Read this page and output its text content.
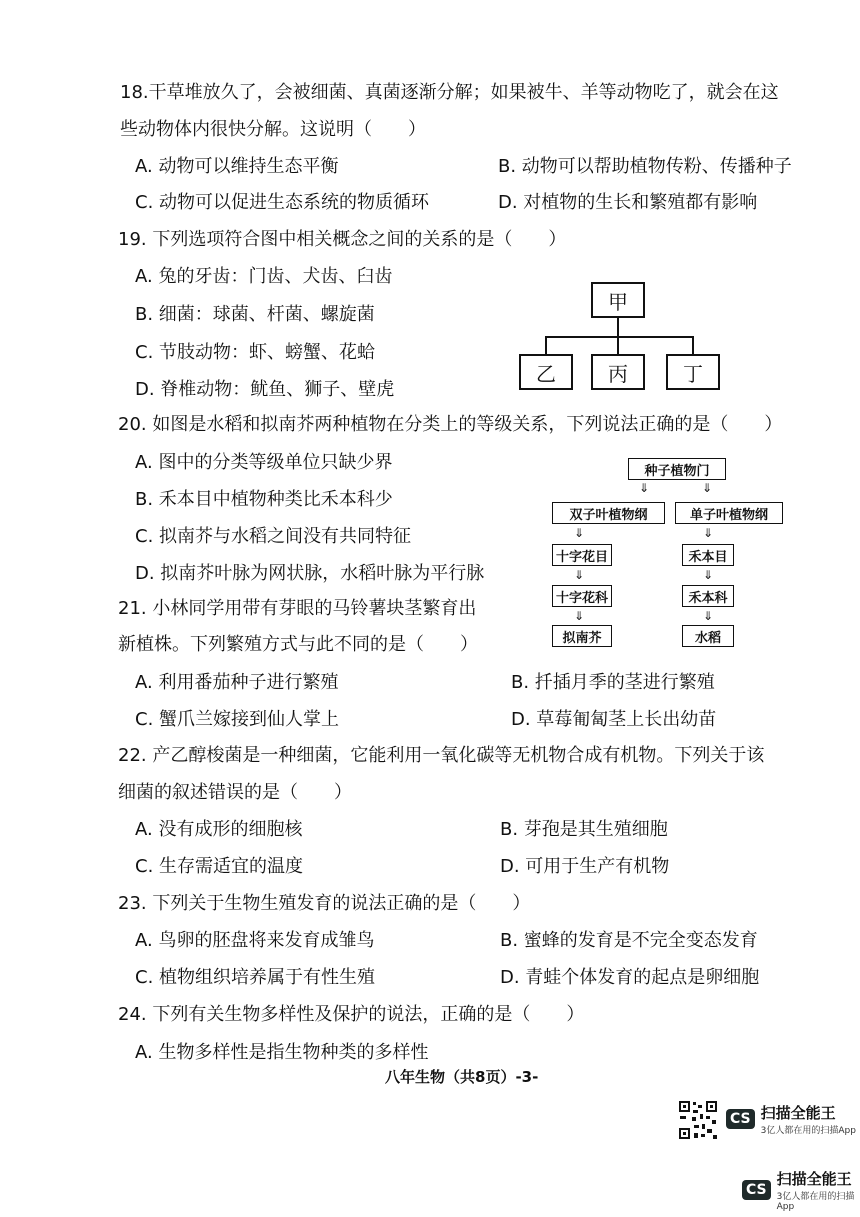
18.干草堆放久了，会被细菌、真菌逐渐分解；如果被牛、羊等动物吃了，就会在这
些动物体内很快分解。这说明（　　）
A. 动物可以维持生态平衡	B. 动物可以帮助植物传粉、传播种子
C. 动物可以促进生态系统的物质循环	D. 对植物的生长和繁殖都有影响
19. 下列选项符合图中相关概念之间的关系的是（　　）
A. 兔的牙齿：门齿、犬齿、臼齿
B. 细菌：球菌、杆菌、螺旋菌
C. 节肢动物：虾、螃蟹、花蛤
D. 脊椎动物：鱿鱼、狮子、壁虎
甲
乙	丙	丁
20. 如图是水稻和拟南芥两种植物在分类上的等级关系，下列说法正确的是（　　）
A. 图中的分类等级单位只缺少界
B. 禾本目中植物种类比禾本科少
C. 拟南芥与水稻之间没有共同特征
D. 拟南芥叶脉为网状脉，水稻叶脉为平行脉
种子植物门
⇓	⇓
双子叶植物纲	单子叶植物纲
⇓	⇓
十字花目	禾本目
⇓	⇓
十字花科	禾本科
⇓	⇓
拟南芥	水稻
21. 小林同学用带有芽眼的马铃薯块茎繁育出
新植株。下列繁殖方式与此不同的是（　　）
A. 利用番茄种子进行繁殖	B. 扦插月季的茎进行繁殖
C. 蟹爪兰嫁接到仙人掌上	D. 草莓匍匐茎上长出幼苗
22. 产乙醇梭菌是一种细菌，它能利用一氧化碳等无机物合成有机物。下列关于该
细菌的叙述错误的是（　　）
A. 没有成形的细胞核	B. 芽孢是其生殖细胞
C. 生存需适宜的温度	D. 可用于生产有机物
23. 下列关于生物生殖发育的说法正确的是（　　）
A. 鸟卵的胚盘将来发育成雏鸟	B. 蜜蜂的发育是不完全变态发育
C. 植物组织培养属于有性生殖	D. 青蛙个体发育的起点是卵细胞
24. 下列有关生物多样性及保护的说法，正确的是（　　）
A. 生物多样性是指生物种类的多样性
八年生物（共8页）-3-
CS 扫描全能王
3亿人都在用的扫描App
CS
扫描全能王
3亿人都在用的扫描App
